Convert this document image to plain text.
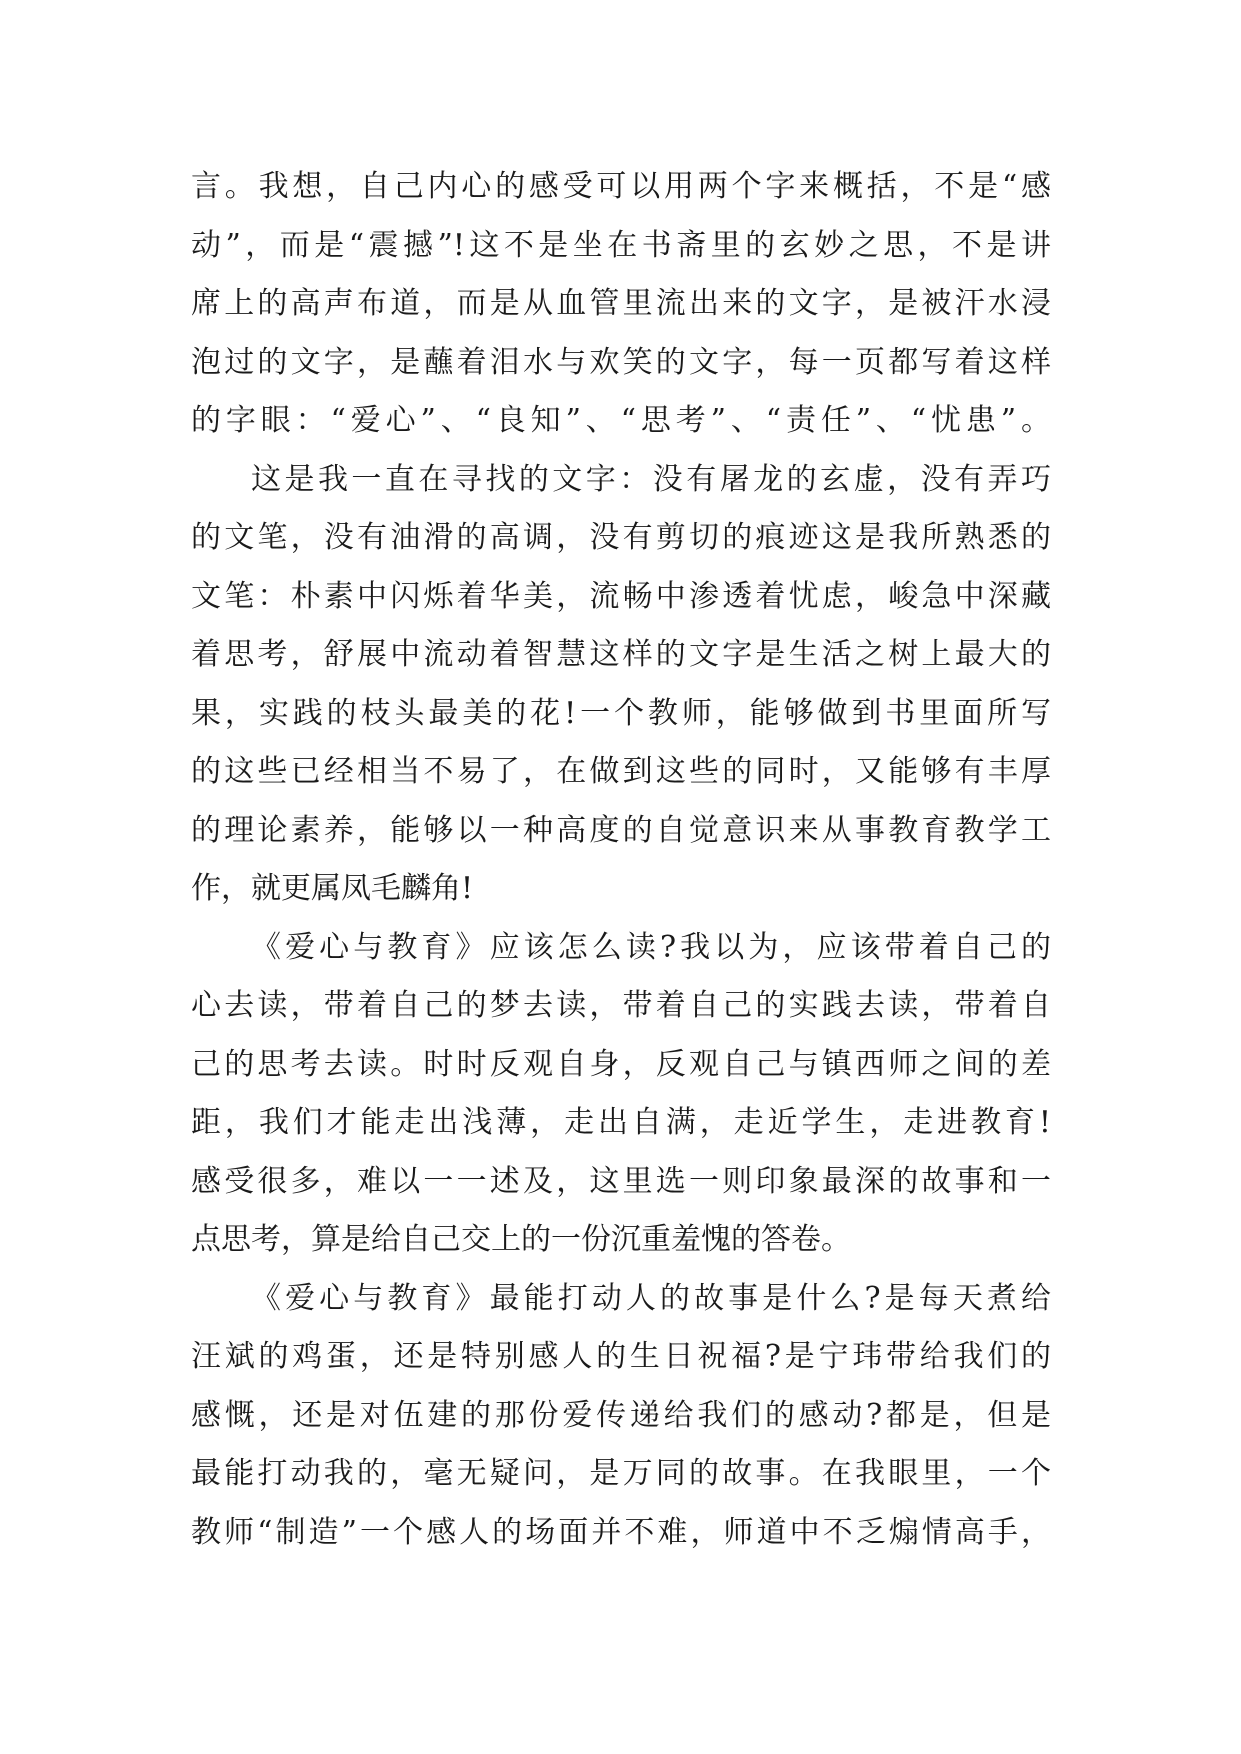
言。我想，自己内心的感受可以用两个字来概括，不是“感
动”，而是“震撼”!这不是坐在书斋里的玄妙之思，不是讲
席上的高声布道，而是从血管里流出来的文字，是被汗水浸
泡过的文字，是蘸着泪水与欢笑的文字，每一页都写着这样
的字眼：“爱心”、“良知”、“思考”、“责任”、“忧患”。
这是我一直在寻找的文字：没有屠龙的玄虚，没有弄巧
的文笔，没有油滑的高调，没有剪切的痕迹这是我所熟悉的
文笔：朴素中闪烁着华美，流畅中渗透着忧虑，峻急中深藏
着思考，舒展中流动着智慧这样的文字是生活之树上最大的
果，实践的枝头最美的花!一个教师，能够做到书里面所写
的这些已经相当不易了，在做到这些的同时，又能够有丰厚
的理论素养，能够以一种高度的自觉意识来从事教育教学工
作，就更属凤毛麟角!
《爱心与教育》应该怎么读?我以为，应该带着自己的
心去读，带着自己的梦去读，带着自己的实践去读，带着自
己的思考去读。时时反观自身，反观自己与镇西师之间的差
距，我们才能走出浅薄，走出自满，走近学生，走进教育!
感受很多，难以一一述及，这里选一则印象最深的故事和一
点思考，算是给自己交上的一份沉重羞愧的答卷。
《爱心与教育》最能打动人的故事是什么?是每天煮给
汪斌的鸡蛋，还是特别感人的生日祝福?是宁玮带给我们的
感慨，还是对伍建的那份爱传递给我们的感动?都是，但是
最能打动我的，毫无疑问，是万同的故事。在我眼里，一个
教师“制造”一个感人的场面并不难，师道中不乏煽情高手，
